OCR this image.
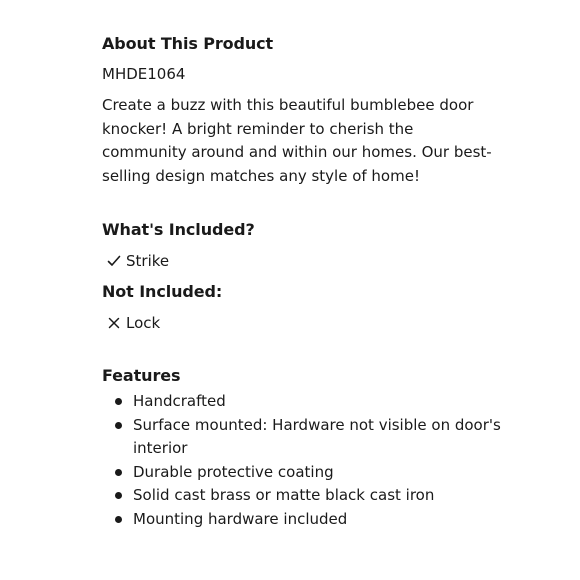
About This Product
MHDE1064
Create a buzz with this beautiful bumblebee door knocker! A bright reminder to cherish the community around and within our homes. Our best-selling design matches any style of home!
What's Included?
Strike
Not Included:
Lock
Features
Handcrafted
Surface mounted: Hardware not visible on door's interior
Durable protective coating
Solid cast brass or matte black cast iron
Mounting hardware included
